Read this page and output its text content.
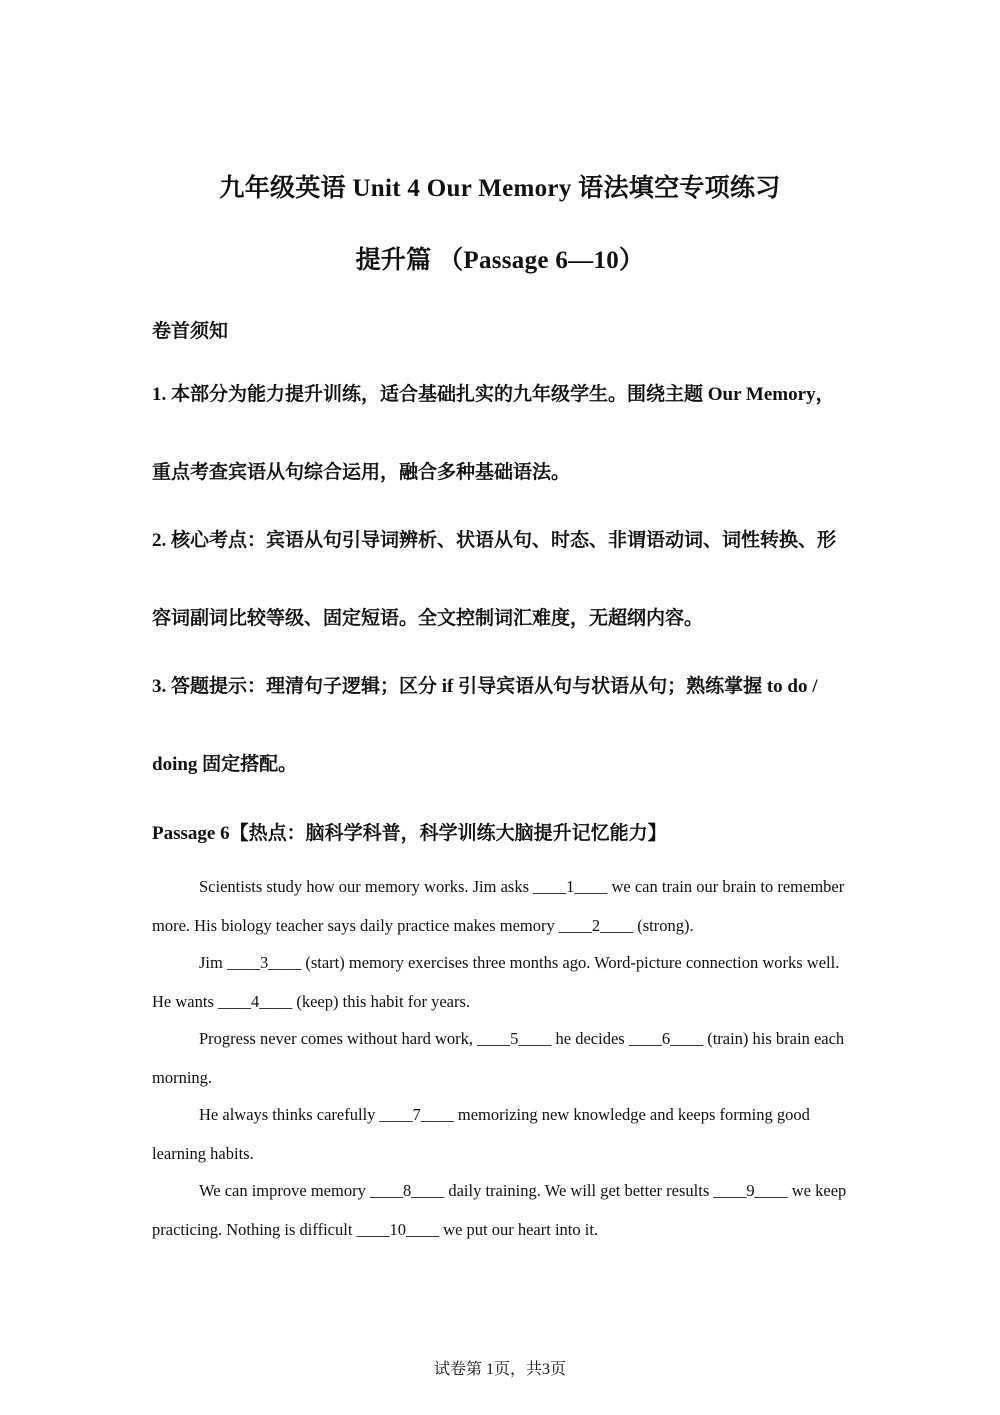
九年级英语 Unit 4 Our Memory 语法填空专项练习
提升篇 （Passage 6—10）
卷首须知
1. 本部分为能力提升训练，适合基础扎实的九年级学生。围绕主题 Our Memory，重点考查宾语从句综合运用，融合多种基础语法。
2. 核心考点：宾语从句引导词辨析、状语从句、时态、非谓语动词、词性转换、形容词副词比较等级、固定短语。全文控制词汇难度，无超纲内容。
3. 答题提示：理清句子逻辑；区分 if 引导宾语从句与状语从句；熟练掌握 to do / doing 固定搭配。
Passage 6【热点：脑科学科普，科学训练大脑提升记忆能力】

Scientists study how our memory works. Jim asks ____1____ we can train our brain to remember more. His biology teacher says daily practice makes memory ____2____ (strong).

Jim ____3____ (start) memory exercises three months ago. Word-picture connection works well. He wants ____4____ (keep) this habit for years.

Progress never comes without hard work, ____5____ he decides ____6____ (train) his brain each morning.

He always thinks carefully ____7____ memorizing new knowledge and keeps forming good learning habits.

We can improve memory ____8____ daily training. We will get better results ____9____ we keep practicing. Nothing is difficult ____10____ we put our heart into it.

试卷第 1页，共3页
